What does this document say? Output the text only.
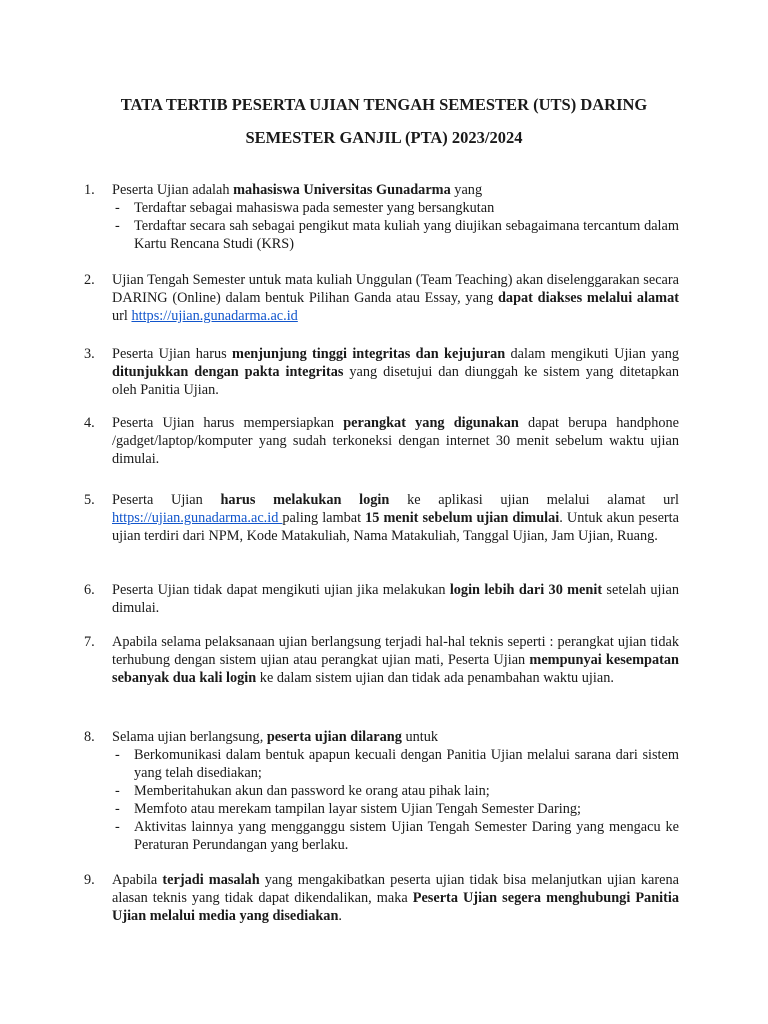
TATA TERTIB PESERTA UJIAN TENGAH SEMESTER (UTS) DARING
SEMESTER GANJIL (PTA) 2023/2024
1. Peserta Ujian adalah mahasiswa Universitas Gunadarma yang

- Terdaftar sebagai mahasiswa pada semester yang bersangkutan
- Terdaftar secara sah sebagai pengikut mata kuliah yang diujikan sebagaimana tercantum dalam Kartu Rencana Studi (KRS)
2. Ujian Tengah Semester untuk mata kuliah Unggulan (Team Teaching) akan diselenggarakan secara DARING (Online) dalam bentuk Pilihan Ganda atau Essay, yang dapat diakses melalui alamat url https://ujian.gunadarma.ac.id

3. Peserta Ujian harus menjunjung tinggi integritas dan kejujuran dalam mengikuti Ujian yang ditunjukkan dengan pakta integritas yang disetujui dan diunggah ke sistem yang ditetapkan oleh Panitia Ujian.

4. Peserta Ujian harus mempersiapkan perangkat yang digunakan dapat berupa handphone /gadget/laptop/komputer yang sudah terkoneksi dengan internet 30 menit sebelum waktu ujian dimulai.

5. Peserta Ujian harus melakukan login ke aplikasi ujian melalui alamat url https://ujian.gunadarma.ac.id paling lambat 15 menit sebelum ujian dimulai. Untuk akun peserta ujian terdiri dari NPM, Kode Matakuliah, Nama Matakuliah, Tanggal Ujian, Jam Ujian, Ruang.

6. Peserta Ujian tidak dapat mengikuti ujian jika melakukan login lebih dari 30 menit setelah ujian dimulai.

7. Apabila selama pelaksanaan ujian berlangsung terjadi hal-hal teknis seperti : perangkat ujian tidak terhubung dengan sistem ujian atau perangkat ujian mati, Peserta Ujian mempunyai kesempatan sebanyak dua kali login ke dalam sistem ujian dan tidak ada penambahan waktu ujian.

8. Selama ujian berlangsung, peserta ujian dilarang untuk

- Berkomunikasi dalam bentuk apapun kecuali dengan Panitia Ujian melalui sarana dari sistem yang telah disediakan;
- Memberitahukan akun dan password ke orang atau pihak lain;
- Memfoto atau merekam tampilan layar sistem Ujian Tengah Semester Daring;
- Aktivitas lainnya yang mengganggu sistem Ujian Tengah Semester Daring yang mengacu ke Peraturan Perundangan yang berlaku.
9. Apabila terjadi masalah yang mengakibatkan peserta ujian tidak bisa melanjutkan ujian karena alasan teknis yang tidak dapat dikendalikan, maka Peserta Ujian segera menghubungi Panitia Ujian melalui media yang disediakan.
